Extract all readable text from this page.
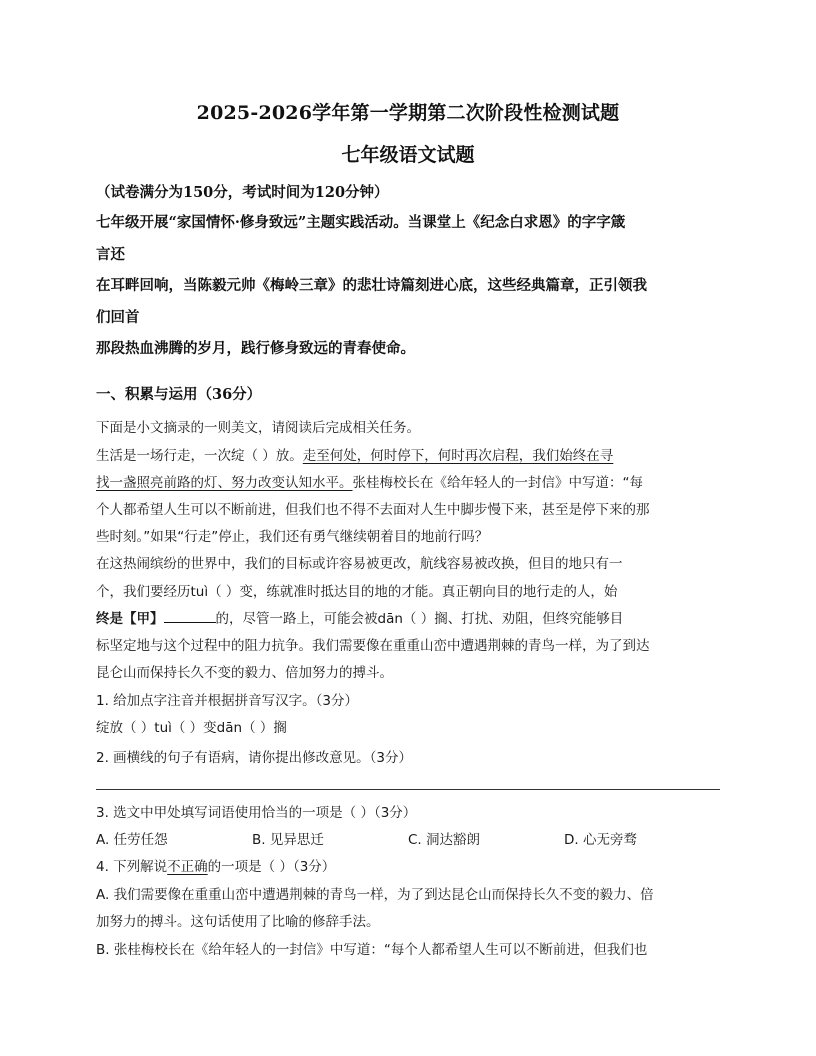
2025-2026学年第一学期第二次阶段性检测试题
七年级语文试题
（试卷满分为150分，考试时间为120分钟）
七年级开展“家国情怀·修身致远”主题实践活动。当课堂上《纪念白求恩》的字字箴
言还
在耳畔回响，当陈毅元帅《梅岭三章》的悲壮诗篇刻进心底，这些经典篇章，正引领我
们回首
那段热血沸腾的岁月，践行修身致远的青春使命。
一、积累与运用（36分）
下面是小文摘录的一则美文，请阅读后完成相关任务。
生活是一场行走，一次绽（ ）放。走至何处，何时停下，何时再次启程，我们始终在寻
找一盏照亮前路的灯、努力改变认知水平。张桂梅校长在《给年轻人的一封信》中写道：“每
个人都希望人生可以不断前进，但我们也不得不去面对人生中脚步慢下来，甚至是停下来的那
些时刻。”如果“行走”停止，我们还有勇气继续朝着目的地前行吗？
在这热闹缤纷的世界中，我们的目标或许容易被更改，航线容易被改换，但目的地只有一
个，我们要经历tuì（ ）变，练就准时抵达目的地的才能。真正朝向目的地行走的人，始
终是【甲】	的，尽管一路上，可能会被dān（ ）搁、打扰、劝阻，但终究能够目
标坚定地与这个过程中的阻力抗争。我们需要像在重重山峦中遭遇荆棘的青鸟一样，为了到达
昆仑山而保持长久不变的毅力、倍加努力的搏斗。
1. 给加点字注音并根据拼音写汉字。（3分）
绽放（ ）tuì（ ）变dān（ ）搁
2. 画横线的句子有语病，请你提出修改意见。（3分）
3. 选文中甲处填写词语使用恰当的一项是（ ）（3分）
A. 任劳任怨	B. 见异思迁	C. 洞达豁朗	D. 心无旁骛
4. 下列解说不正确的一项是（ ）（3分）
A. 我们需要像在重重山峦中遭遇荆棘的青鸟一样，为了到达昆仑山而保持长久不变的毅力、倍
加努力的搏斗。这句话使用了比喻的修辞手法。
B. 张桂梅校长在《给年轻人的一封信》中写道：“每个人都希望人生可以不断前进，但我们也
